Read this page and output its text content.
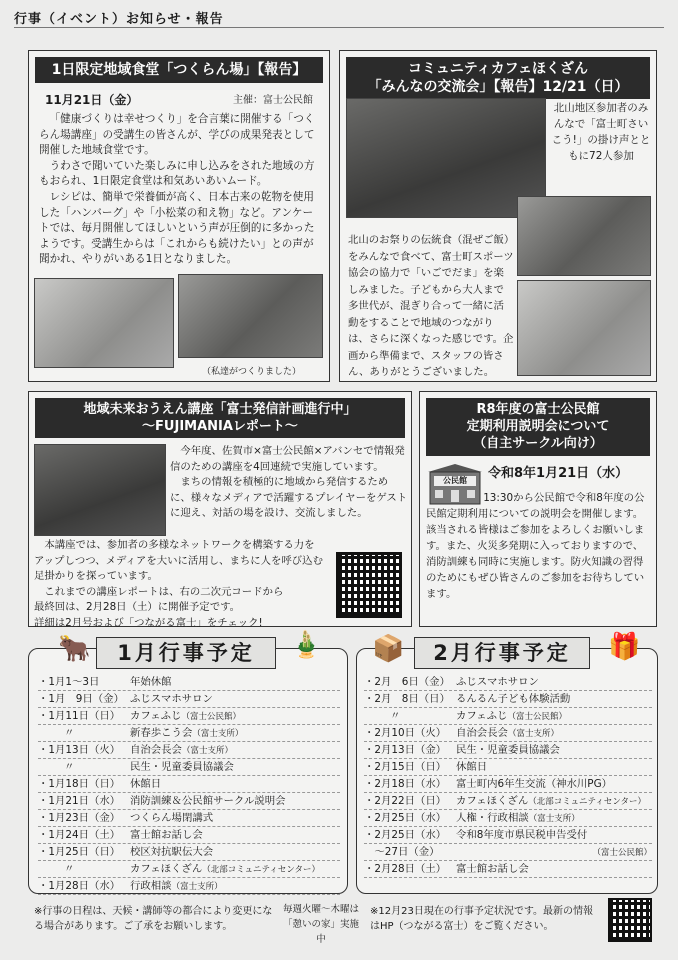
行事（イベント）お知らせ・報告
1日限定地域食堂「つくらん場」【報告】
11月21日（金）	主催：富士公民館

「健康づくりは幸せつくり」を合言葉に開催する「つくらん場講座」の受講生の皆さんが、学びの成果発表として開催した地域食堂です。

うわさで聞いていた楽しみに申し込みをされた地域の方もおられ、1日限定食堂は和気あいあいムード。

レシピは、簡単で栄養価が高く、日本古来の乾物を使用した「ハンバーグ」や「小松菜の和え物」など。アンケートでは、毎月開催してほしいという声が圧倒的に多かったようです。受講生からは「これからも続けたい」との声が聞かれ、やりがいある1日となりました。

（私達がつくりました）
コミュニティカフェほくざん
「みんなの交流会」【報告】12/21（日）
北山地区参加者のみんなで「富士町さいこう!」の掛け声とともに72人参加
北山のお祭りの伝統食（混ぜご飯）をみんなで食べて、富士町スポーツ協会の協力で「いごでだま」を楽しみました。子どもから大人まで多世代が、混ぎり合って一緒に活動をすることで地域のつながりは、さらに深くなった感じです。企画から準備まで、スタッフの皆さん、ありがとうございました。
地域未来おうえん講座「富士発信計画進行中」
～FUJIMANIAレポート～

今年度、佐賀市×富士公民館×アバンセで情報発信のための講座を4回連続で実施しています。

まちの情報を積極的に地域から発信するために、様々なメディアで活躍するプレイヤーをゲストに迎え、対話の場を設け、交流しました。

本講座では、参加者の多様なネットワークを構築する力をアップしつつ、メディアを大いに活用し、まちに人を呼び込む足掛かりを探っています。

これまでの講座レポートは、右の二次元コードから

最終回は、2月28日（土）に開催予定です。
詳細は2月号および「つながる富士」をチェック!
R8年度の富士公民館
定期利用説明会について
（自主サークル向け）
公民館	令和8年1月21日（水）
13:30から公民館で令和8年度の公民館定期利用についての説明会を開催します。該当される皆様はご参加をよろしくお願いします。また、火災多発期に入っておりますので、消防訓練も同時に実施します。防火知識の習得のためにもぜひ皆さんのご参加をお待ちしています。
🐂	1月行事予定	🎍
・1月1～3日	年始休館
・1月　9日（金） ふじスマホサロン
・1月11日（日） カフェふじ（富士公民館）
〃	新春歩こう会（富士支所）
・1月13日（火） 自治会長会（富士支所）
〃	民生・児童委員協議会
・1月18日（日） 休館日
・1月21日（水） 消防訓練＆公民館サークル説明会
・1月23日（金） つくらん場閉講式
・1月24日（土） 富士館お話し会
・1月25日（日） 校区対抗駅伝大会
〃	カフェほくざん（北部コミュニティセンター）
・1月28日（水） 行政相談（富士支所）
※行事の日程は、天候・講師等の都合により変更になる場合があります。ご了承をお願いします。
毎週火曜～木曜は
「憩いの家」実施中
📦	2月行事予定	🎁
・2月　6日（金） ふじスマホサロン
・2月　8日（日） るんるん子ども体験活動
〃	カフェふじ（富士公民館）
・2月10日（火） 自治会長会（富士支所）
・2月13日（金） 民生・児童委員協議会
・2月15日（日） 休館日
・2月18日（水） 富士町内6年生交流（神水川PG）
・2月22日（日） カフェほくざん（北部コミュニティセンター）
・2月25日（水） 人権・行政相談（富士支所）
・2月25日（水） 令和8年度市県民税申告受付
　～27日（金）	（富士公民館）
・2月28日（土） 富士館お話し会
※12月23日現在の行事予定状況です。最新の情報はHP（つながる富士）をご覧ください。
